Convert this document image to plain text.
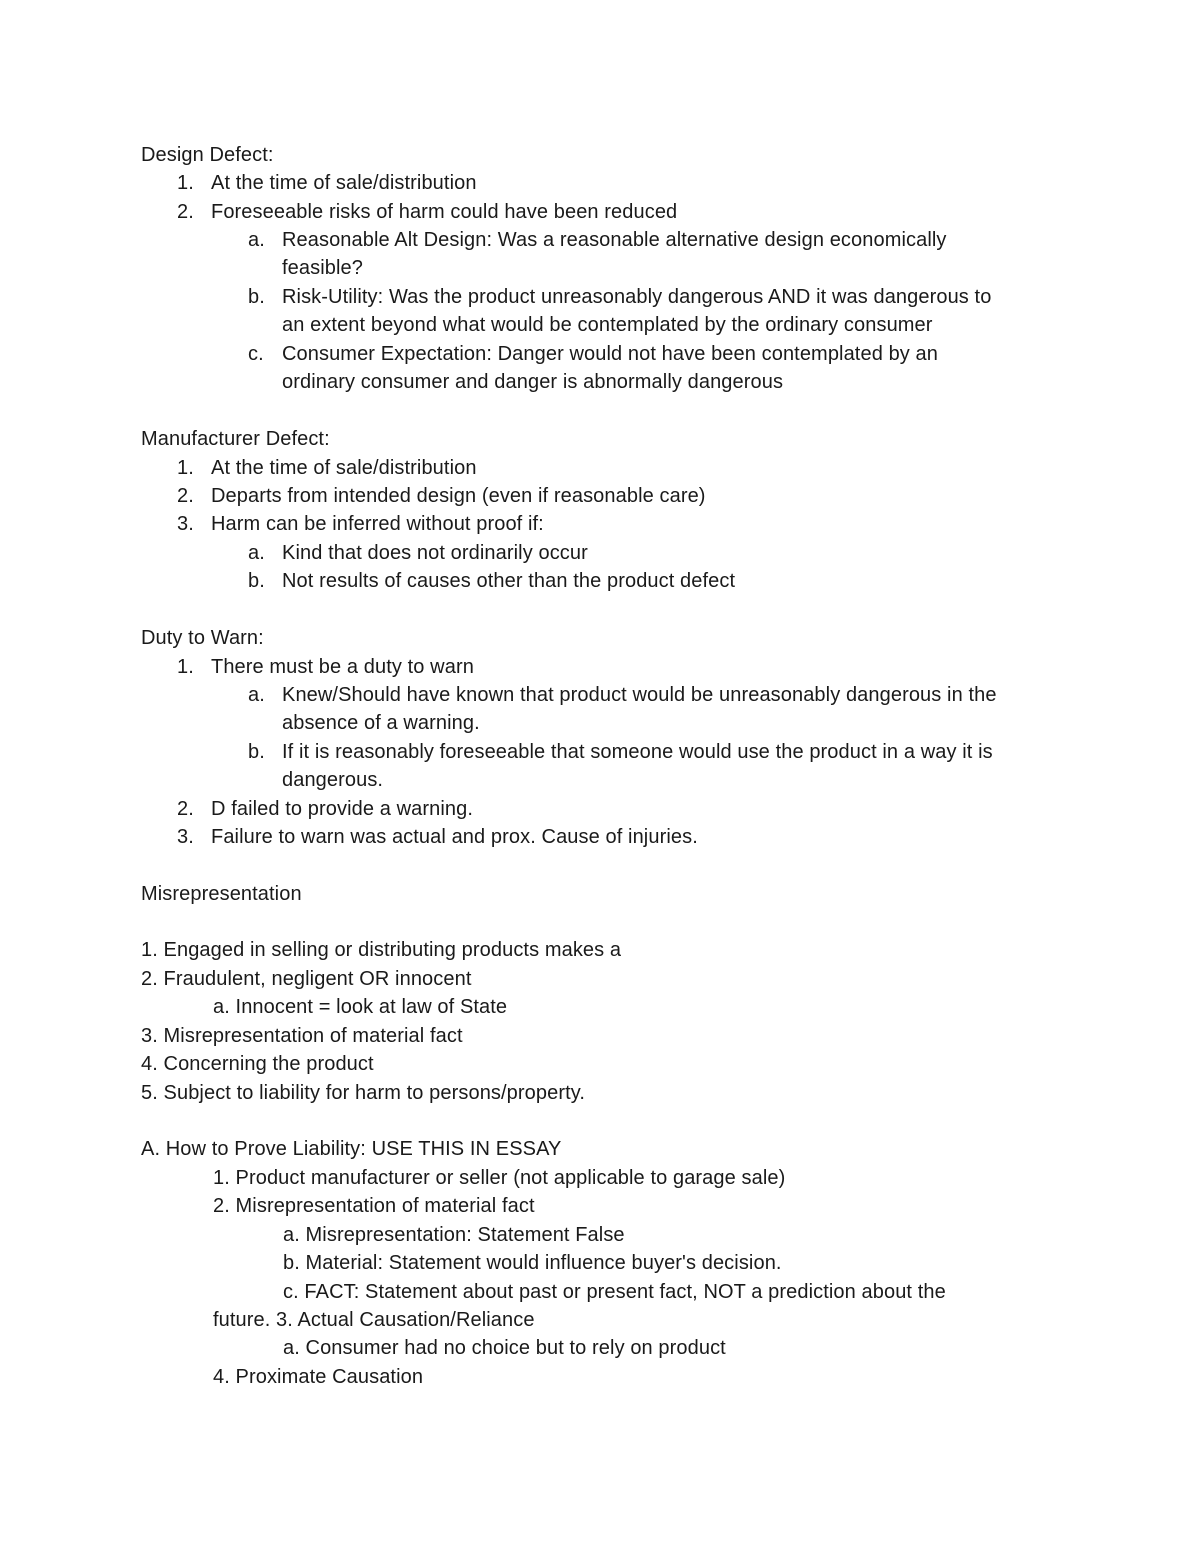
Design Defect:
1. At the time of sale/distribution
2. Foreseeable risks of harm could have been reduced
a. Reasonable Alt Design: Was a reasonable alternative design economically
feasible?
b. Risk-Utility: Was the product unreasonably dangerous AND it was dangerous to
an extent beyond what would be contemplated by the ordinary consumer
c. Consumer Expectation: Danger would not have been contemplated by an
ordinary consumer and danger is abnormally dangerous
Manufacturer Defect:
1. At the time of sale/distribution
2. Departs from intended design (even if reasonable care)
3. Harm can be inferred without proof if:
a. Kind that does not ordinarily occur
b. Not results of causes other than the product defect
Duty to Warn:
1. There must be a duty to warn
a. Knew/Should have known that product would be unreasonably dangerous in the
absence of a warning.
b. If it is reasonably foreseeable that someone would use the product in a way it is
dangerous.
2. D failed to provide a warning.
3. Failure to warn was actual and prox. Cause of injuries.
Misrepresentation
1. Engaged in selling or distributing products makes a
2. Fraudulent, negligent OR innocent
a. Innocent = look at law of State
3. Misrepresentation of material fact
4. Concerning the product
5. Subject to liability for harm to persons/property.
A. How to Prove Liability: USE THIS IN ESSAY
1. Product manufacturer or seller (not applicable to garage sale)
2. Misrepresentation of material fact
a. Misrepresentation: Statement False
b. Material: Statement would influence buyer's decision.
c. FACT: Statement about past or present fact, NOT a prediction about the
future. 3. Actual Causation/Reliance
a. Consumer had no choice but to rely on product
4. Proximate Causation
